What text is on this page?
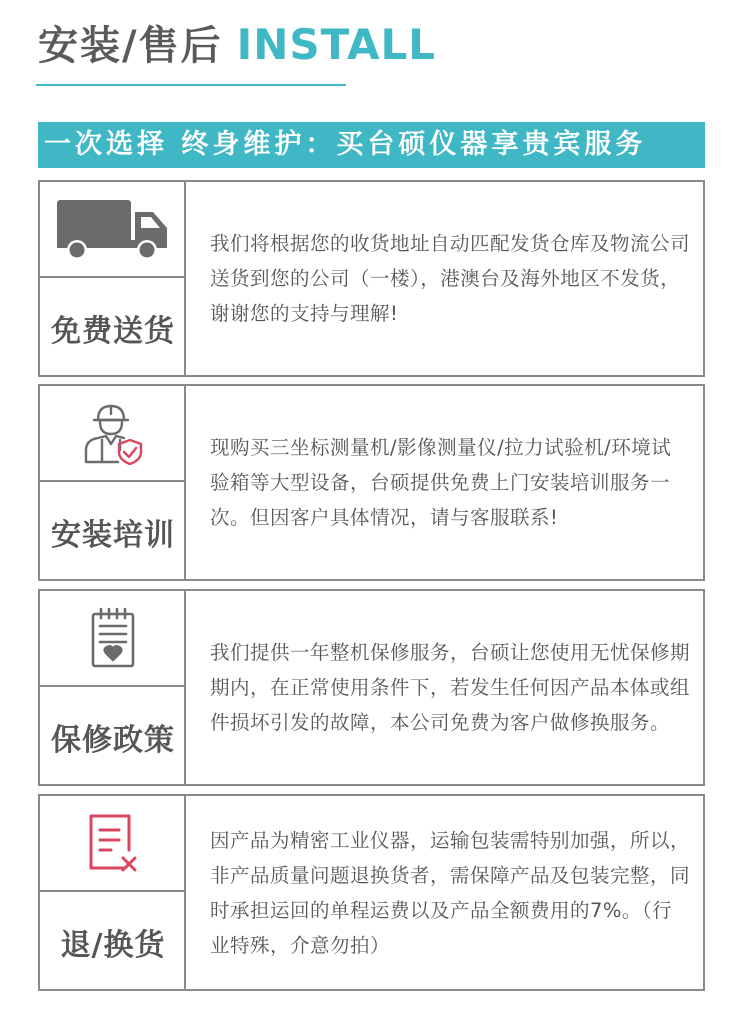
安装/售后 INSTALL
一次选择 终身维护：买台硕仪器享贵宾服务
免费送货
我们将根据您的收货地址自动匹配发货仓库及物流公司送货到您的公司（一楼），港澳台及海外地区不发货，谢谢您的支持与理解!
安装培训
现购买三坐标测量机/影像测量仪/拉力试验机/环境试验箱等大型设备，台硕提供免费上门安装培训服务一次。但因客户具体情况，请与客服联系!
保修政策
我们提供一年整机保修服务，台硕让您使用无忧保修期期内，在正常使用条件下，若发生任何因产品本体或组件损坏引发的故障，本公司免费为客户做修换服务。
退/换货
因产品为精密工业仪器，运输包装需特别加强，所以，非产品质量问题退换货者，需保障产品及包装完整，同时承担运回的单程运费以及产品全额费用的7%。（行业特殊，介意勿拍）
